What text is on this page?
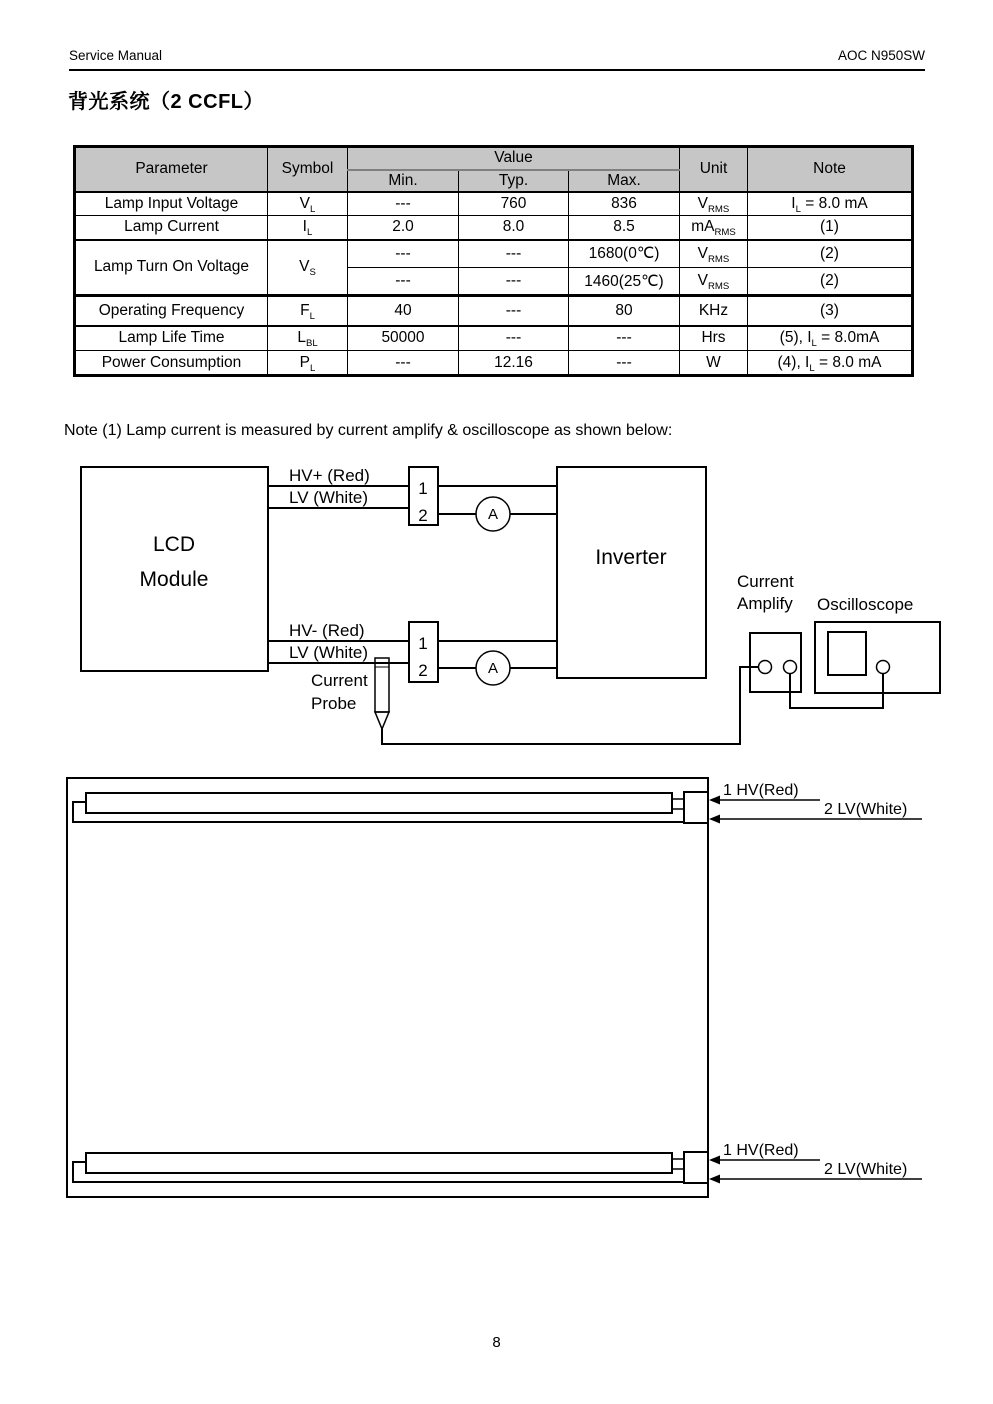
Service Manual	AOC N950SW
背光系统（2 CCFL）
Parameter	Symbol	Value			Unit	Note
		Min.	Typ.	Max.		
Lamp Input Voltage	$V_L$	---	760	836	$V_{RMS}$	$I_L = 8.0$ mA
Lamp Current	$I_L$	2.0	8.0	8.5	$mA_{RMS}$	(1)
Lamp Turn On Voltage	$V_S$	---	---	1680(0℃)	$V_{RMS}$	(2)
		---	---	1460(25℃)	$V_{RMS}$	(2)
Operating Frequency	$F_L$	40	---	80	KHz	(3)
Lamp Life Time	$L_{BL}$	50000	---	---	Hrs	(5), $I_L = 8.0mA$
Power Consumption	$P_L$	---	12.16	---	W	(4), $I_L = 8.0$ mA
Note (1) Lamp current is measured by current amplify & oscilloscope as shown below:
LCD
Module
HV+ (Red)
LV (White)	1
2	A
Inverter
HV- (Red)
LV (White)	1
2	A
Current
Probe
Current
Amplify Oscilloscope
1 HV(Red)
2 LV(White)
1 HV(Red)
2 LV(White)
8
